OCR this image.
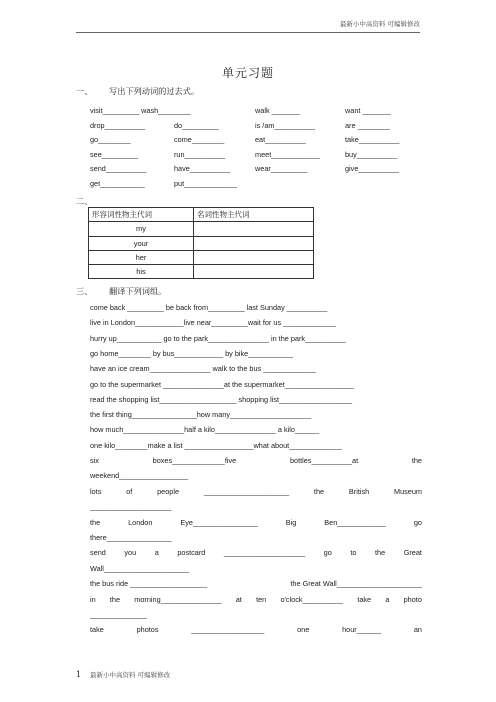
最新小中高资料 可编辑修改
单元习题
一、 写出下列动词的过去式。
visit_________ wash________	walk _______	want _______
drop__________	do_________	is /am__________	are ________
go________	come________	eat__________	take__________
see_________	run__________	meet____________	buy__________
send__________	have__________	wear_________	give__________
get___________	put_____________
二、
形容词性物主代词	名词性物主代词
my	
your	
her	
his	
三、 翻译下列词组。
come back _________ be back from_________ last Sunday __________
live in London____________live near_________wait for us _____________
hurry up___________ go to the park_______________ in the park__________
go home________ by bus____________ by bike___________
have an ice cream_______________ walk to the bus _____________
go to the supermarket _______________at the supermarket_________________
read the shopping list___________________ shopping list__________________
the first thing________________how many____________________
how much_______________half a kilo_______________ a kilo______
one kilo________make a list _________________what about_____________
six	boxes_____________five	bottles__________at	the
weekend_________________
lots	of	people	_____________________	the	British	Museum
____________________
the	London	Eye________________	Big	Ben____________	go
there________________
send	you	a	postcard	____________________	go	to	the	Great
Wall_____________________
the bus ride ___________________	the Great Wall_____________________
in the morning_______________ at ten o'clock__________ take a photo
______________
take	photos	__________________	one	hour______	an
1 最新小中高资料 可编辑修改
